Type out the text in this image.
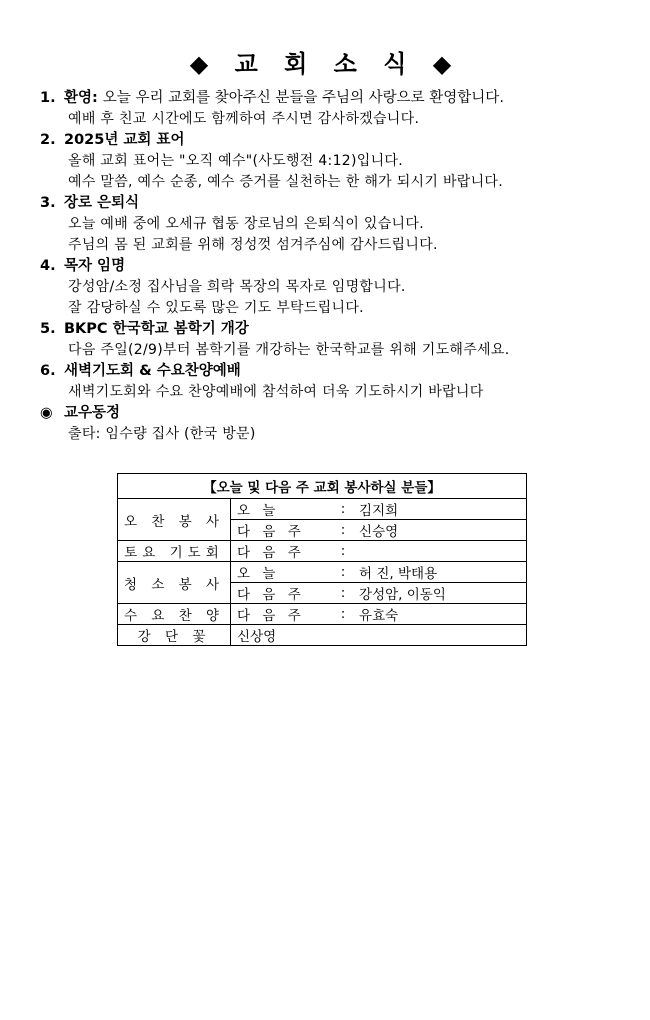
◆ 교 회 소 식 ◆
1. 환영: 오늘 우리 교회를 찾아주신 분들을 주님의 사랑으로 환영합니다.
예배 후 친교 시간에도 함께하여 주시면 감사하겠습니다.
2. 2025년 교회 표어
올해 교회 표어는 "오직 예수"(사도행전 4:12)입니다.
예수 말씀, 예수 순종, 예수 증거를 실천하는 한 해가 되시기 바랍니다.
3. 장로 은퇴식
오늘 예배 중에 오세규 협동 장로님의 은퇴식이 있습니다.
주님의 몸 된 교회를 위해 정성껏 섬겨주심에 감사드립니다.
4. 목자 임명
강성암/소정 집사님을 희락 목장의 목자로 임명합니다.
잘 감당하실 수 있도록 많은 기도 부탁드립니다.
5. BKPC 한국학교 봄학기 개강
다음 주일(2/9)부터 봄학기를 개강하는 한국학교를 위해 기도해주세요.
6. 새벽기도회 & 수요찬양예배
새벽기도회와 수요 찬양예배에 참석하여 더욱 기도하시기 바랍니다
◉ 교우동정
출타: 임수량 집사 (한국 방문)
【오늘 및 다음 주 교회 봉사하실 분들】			
오 찬 봉 사	오 늘	:	김지희
	다 음 주	:	신승영
토요 기도회	다 음 주	:	
청 소 봉 사	오 늘	:	허 진, 박태용
	다 음 주	:	강성암, 이동익
수 요 찬 양	다 음 주	:	유효숙
강 단 꽃	신상영		
